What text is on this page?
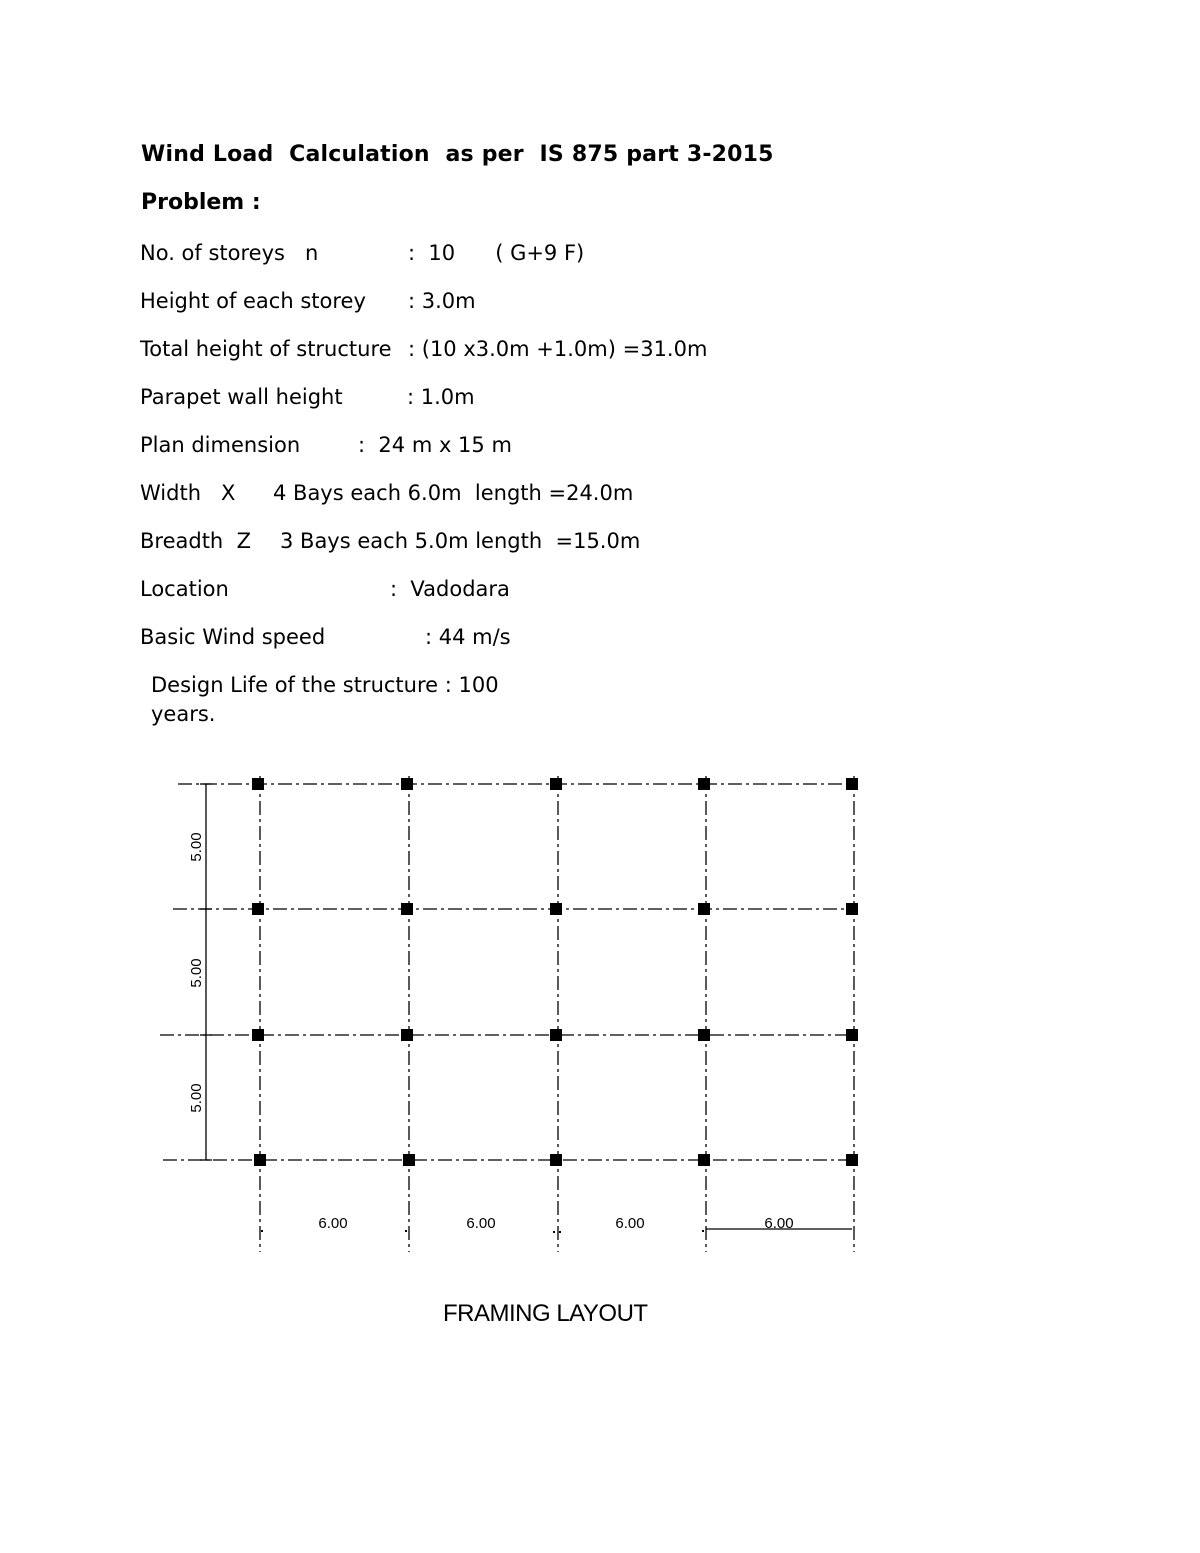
Wind Load  Calculation  as per  IS 875 part 3-2015
Problem :

No. of storeys   n

	:  10      ( G+9 F)

Height of each storey

: 3.0m

Total height of structure

: (10 x3.0m +1.0m) =31.0m

Parapet wall height

	: 1.0m

Plan dimension

	:  24 m x 15 m

Width   X

4 Bays each 6.0m  length =24.0m

Breadth  Z

3 Bays each 5.0m length  =15.0m

Location

	:  Vadodara

Basic Wind speed

	: 44 m/s

Design Life of the structure : 100 years.
6.00	6.00	6.00	6.00
5.00
5.00
5.00
FRAMING LAYOUT
